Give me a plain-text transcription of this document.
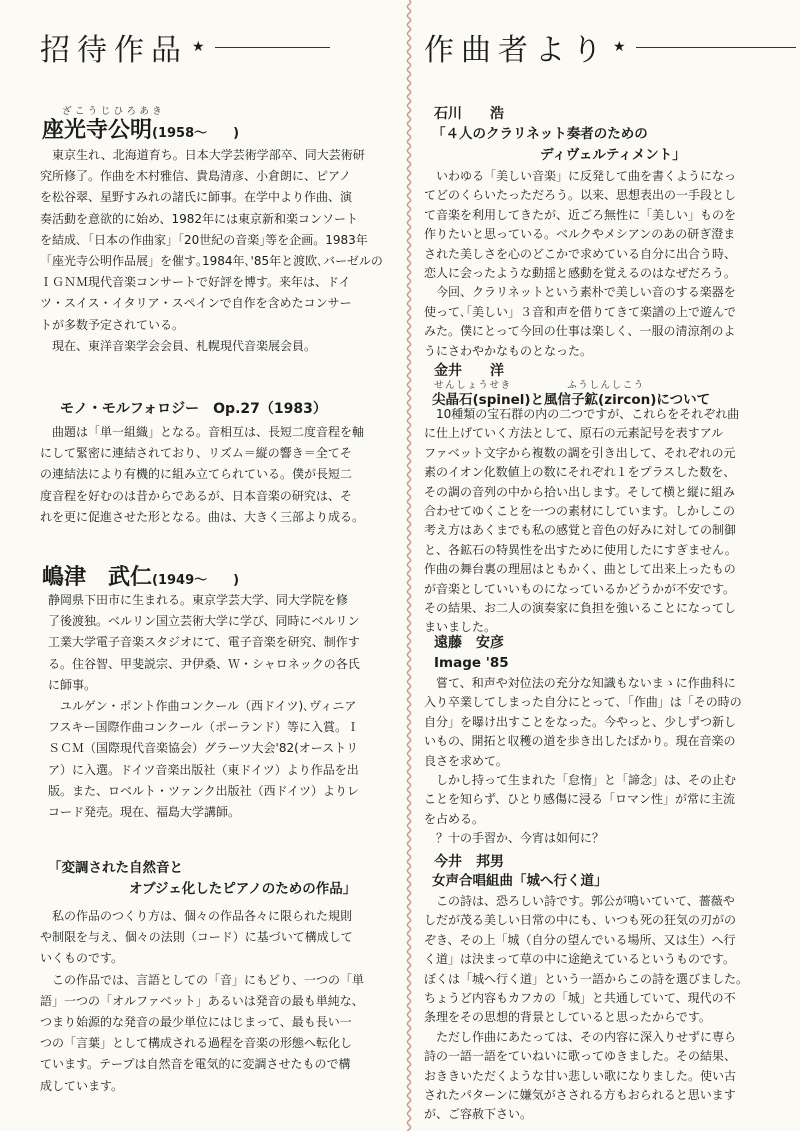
招待作品 ★
ざこうじひろあき
座光寺公明(1958〜　　)
　東京生れ、北海道育ち。日本大学芸術学部卒、同大芸術研
究所修了。作曲を木村雅信、貴島清彦、小倉朗に、ピアノ
を松谷翠、星野すみれの諸氏に師事。在学中より作曲、演
奏活動を意欲的に始め、1982年には東京新和楽コンソート
を結成､「日本の作曲家」｢20世紀の音楽｣等を企画。1983年
「座光寺公明作品展」を催す｡1984年､'85年と渡欧､バーゼルの
ＩＧＮＭ現代音楽コンサートで好評を博す。来年は、ドイ
ツ・スイス・イタリア・スペインで自作を含めたコンサー
トが多数予定されている。
　現在、東洋音楽学会会員、札幌現代音楽展会員。
モノ・モルフォロジー　Op.27（1983）
　曲題は「単一組織」となる。音相互は、長短二度音程を軸
にして緊密に連結されており、リズム＝縦の響き＝全てそ
の連結法により有機的に組み立てられている。僕が長短二
度音程を好むのは昔からであるが、日本音楽の研究は、そ
れを更に促進させた形となる。曲は、大きく三部より成る。
嶋津　武仁(1949〜　　)
静岡県下田市に生まれる。東京学芸大学、同大学院を修
了後渡独。ベルリン国立芸術大学に学び、同時にベルリン
工業大学電子音楽スタジオにて、電子音楽を研究、制作す
る。住谷智、甲斐説宗、尹伊桑、Ｗ・シャロネックの各氏
に師事。
　ユルゲン・ポント作曲コンクール（西ドイツ)､ヴィニア
フスキー国際作曲コンクール（ポーランド）等に入賞。Ｉ
ＳＣＭ（国際現代音楽協会）グラーツ大会'82(オーストリ
ア）に入選。ドイツ音楽出版社（東ドイツ）より作品を出
版。また、ロベルト・ツァンク出版社（西ドイツ）よりレ
コード発売。現在、福島大学講師。
「変調された自然音と
　　　　　　オブジェ化したピアノのための作品」
　私の作品のつくり方は、個々の作品各々に限られた規則
や制限を与え、個々の法則（コード）に基づいて構成して
いくものです。
　この作品では、言語としての「音」にもどり、一つの「単
語」一つの「オルファベット」あるいは発音の最も単純な、
つまり始源的な発音の最少単位にはじまって、最も長い一
つの「言葉」として構成される過程を音楽の形態へ転化し
ています。テープは自然音を電気的に変調させたもので構
成しています。
作曲者より ★
石川　　浩
「４人のクラリネット奏者のための
　　　　　　　　ディヴェルティメント」
　いわゆる「美しい音楽」に反発して曲を書くようになっ
てどのくらいたっただろう。以来、思想表出の一手段とし
て音楽を利用してきたが、近ごろ無性に「美しい」ものを
作りたいと思っている。ベルクやメシアンのあの研ぎ澄ま
された美しさを心のどこかで求めている自分に出合う時、
恋人に会ったような動揺と感動を覚えるのはなぜだろう。
　今回、クラリネットという素朴で美しい音のする楽器を
使って､｢美しい」３音和声を借りてきて楽譜の上で遊んで
みた。僕にとって今回の仕事は楽しく、一服の清涼剤のよ
うにさわやかなものとなった。
金井　　洋
せんしょうせき　　　　　ふうしんしこう
尖晶石(spinel)と風信子鉱(zircon)について
　10種類の宝石群の内の二つですが、これらをそれぞれ曲
に仕上げていく方法として、原石の元素記号を表すアル
ファベット文字から複数の調を引き出して、それぞれの元
素のイオン化数値上の数にそれぞれ１をプラスした数を、
その調の音列の中から拾い出します。そして横と縦に組み
合わせてゆくことを一つの素材にしています。しかしこの
考え方はあくまでも私の感覚と音色の好みに対しての制御
と、各鉱石の特異性を出すために使用したにすぎません。
作曲の舞台裏の理屈はともかく、曲として出来上ったもの
が音楽としていいものになっているかどうかが不安です。
その結果、お二人の演奏家に負担を強いることになってし
まいました。
遠藤　安彦
Image '85
　嘗て、和声や対位法の充分な知識もないまゝに作曲科に
入り卒業してしまった自分にとって､「作曲」は「その時の
自分」を曝け出すことをなった。今やっと、少しずつ新し
いもの、開拓と収穫の道を歩き出したばかり。現在音楽の
良さを求めて。
　しかし持って生まれた「怠惰」と「諦念」は、その止む
ことを知らず、ひとり感傷に浸る「ロマン性」が常に主流
を占める。
　？十の手習か、今宵は如何に？
今井　邦男
女声合唱組曲「城へ行く道」
　この詩は、恐ろしい詩です。郭公が鳴いていて、薔薇や
しだが茂る美しい日常の中にも、いつも死の狂気の刃がの
ぞき、その上「城（自分の望んでいる場所、又は生）へ行
く道」は決まって草の中に途絶えているというものです。
ぼくは「城へ行く道」という一語からこの詩を選びました。
ちょうど内容もカフカの「城」と共通していて、現代の不
条理をその思想的背景としていると思ったからです。
　ただし作曲にあたっては、その内容に深入りせずに専ら
詩の一語一語をていねいに歌ってゆきました。その結果、
おききいただくような甘い悲しい歌になりました。使い古
されたパターンに嫌気がさされる方もおられると思います
が、ご容赦下さい。
